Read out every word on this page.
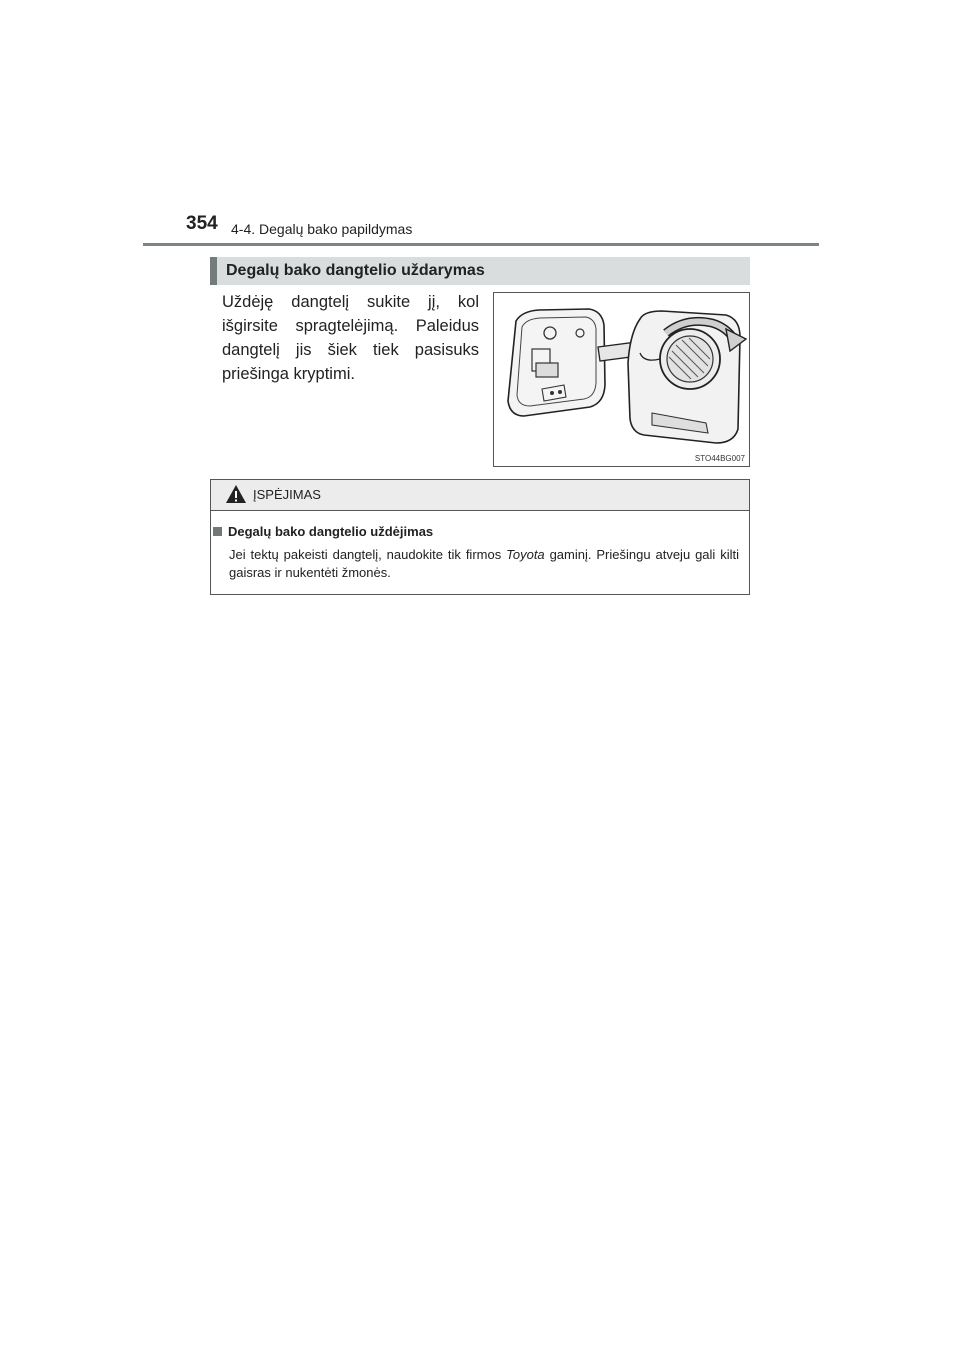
354 4-4. Degalų bako papildymas
Degalų bako dangtelio uždarymas
Uždėję dangtelį sukite jį, kol išgirsite spragtelėjimą. Paleidus dangtelį jis šiek tiek pasisuks priešinga kryptimi.
STO44BG007
ĮSPĖJIMAS
Degalų bako dangtelio uždėjimas
Jei tektų pakeisti dangtelį, naudokite tik firmos Toyota gaminį. Priešingu atveju gali kilti gaisras ir nukentėti žmonės.
